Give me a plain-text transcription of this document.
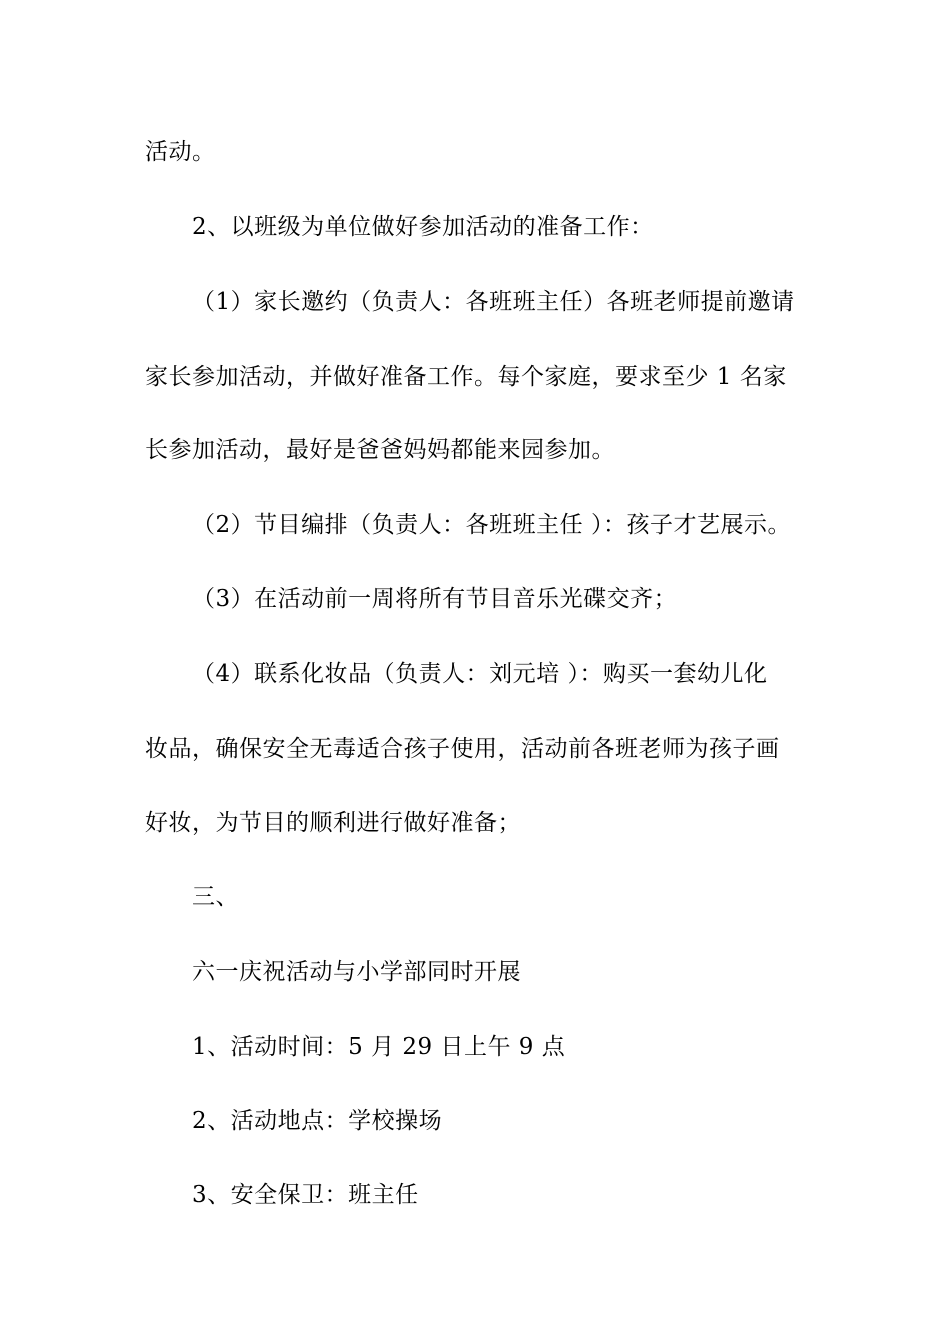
活动。
2、以班级为单位做好参加活动的准备工作：
（1）家长邀约（负责人：各班班主任）各班老师提前邀请
家长参加活动，并做好准备工作。每个家庭，要求至少 1 名家
长参加活动，最好是爸爸妈妈都能来园参加。
（2）节目编排（负责人：各班班主任 ）：孩子才艺展示。
（3）在活动前一周将所有节目音乐光碟交齐；
（4）联系化妆品（负责人：刘元培 ）：购买一套幼儿化
妆品，确保安全无毒适合孩子使用，活动前各班老师为孩子画
好妆，为节目的顺利进行做好准备；
三、
六一庆祝活动与小学部同时开展
1、活动时间：5 月 29 日上午 9 点
2、活动地点：学校操场
3、安全保卫：班主任
